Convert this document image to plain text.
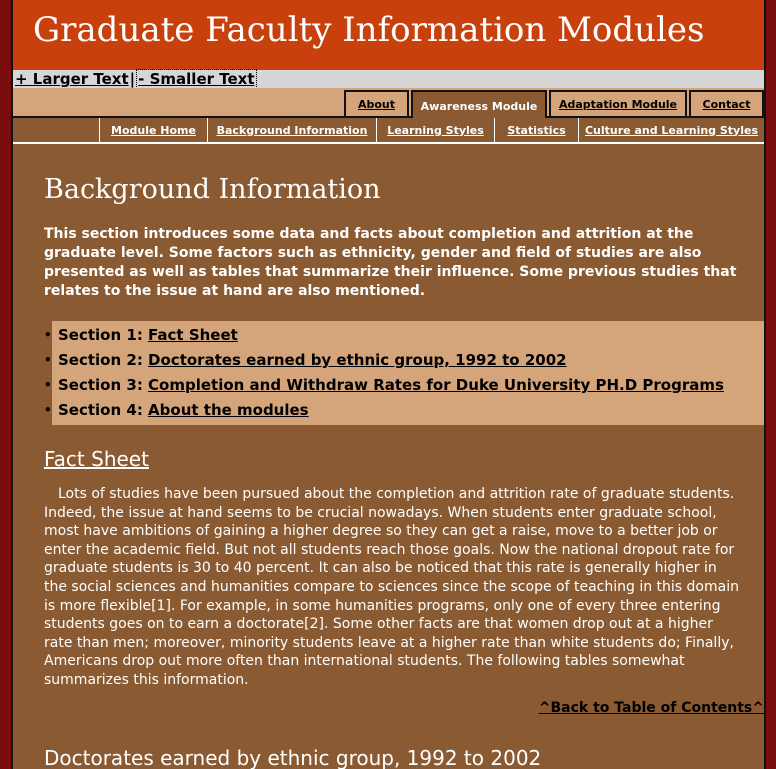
Graduate Faculty Information Modules
+ Larger Text| - Smaller Text
About	Awareness Module	Adaptation Module	Contact
Module Home	Background Information	Learning Styles	Statistics	Culture and Learning Styles
Background Information

This section introduces some data and facts about completion and attrition at the graduate level. Some factors such as ethnicity, gender and field of studies are also presented as well as tables that summarize their influence. Some previous studies that relates to the issue at hand are also mentioned.

• Section 1: Fact Sheet
• Section 2: Doctorates earned by ethnic group, 1992 to 2002
• Section 3: Completion and Withdraw Rates for Duke University PH.D Programs
• Section 4: About the modules
Fact Sheet

Lots of studies have been pursued about the completion and attrition rate of graduate students. Indeed, the issue at hand seems to be crucial nowadays. When students enter graduate school, most have ambitions of gaining a higher degree so they can get a raise, move to a better job or enter the academic field. But not all students reach those goals. Now the national dropout rate for graduate students is 30 to 40 percent. It can also be noticed that this rate is generally higher in the social sciences and humanities compare to sciences since the scope of teaching in this domain is more flexible[1]. For example, in some humanities programs, only one of every three entering students goes on to earn a doctorate[2]. Some other facts are that women drop out at a higher rate than men; moreover, minority students leave at a higher rate than white students do; Finally, Americans drop out more often than international students. The following tables somewhat summarizes this information.

^Back to Table of Contents^
Doctorates earned by ethnic group, 1992 to 2002
